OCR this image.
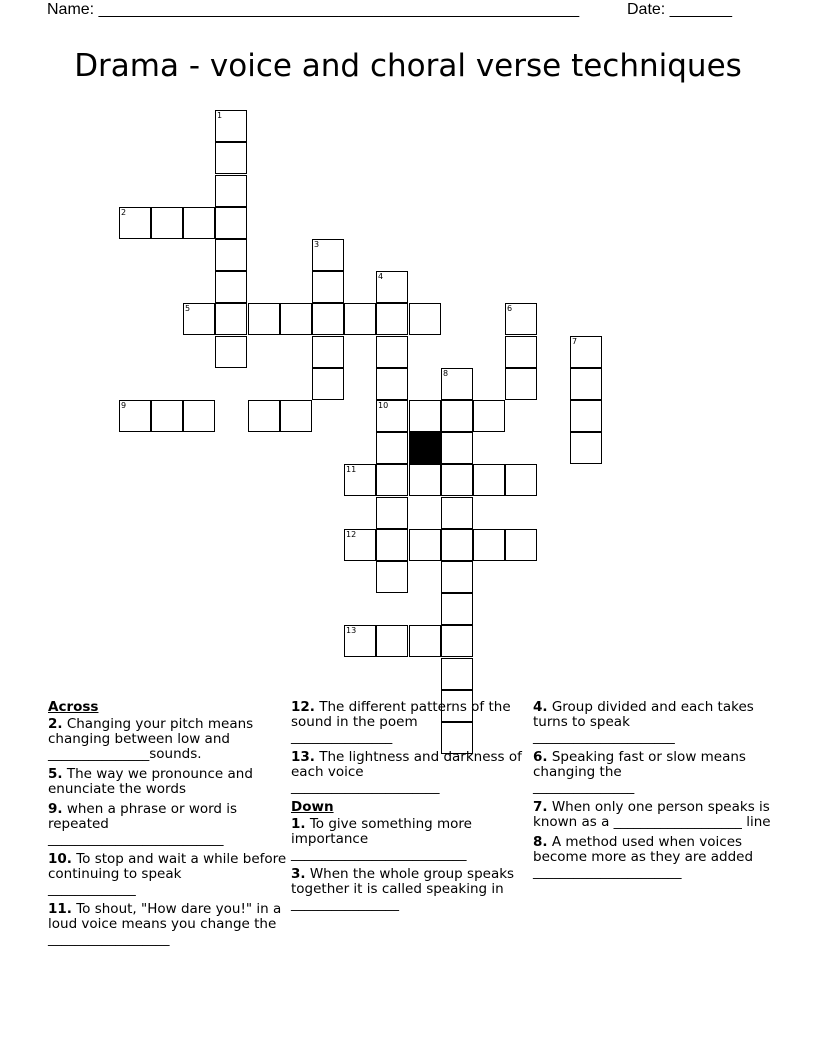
Name: ______________________________________________________	Date: _______
Drama - voice and choral verse techniques
1
2
3
4
10
5	6
7
8
9
11
12
13
Across
2. Changing your pitch means changing between low and _______________sounds.
5. The way we pronounce and enunciate the words
9. when a phrase or word is repeated
__________________________
10. To stop and wait a while before continuing to speak
_____________
11. To shout, "How dare you!" in a loud voice means you change the __________________
12. The different patterns of the sound in the poem
_______________
13. The lightness and darkness of each voice
______________________
Down
1. To give something more importance
__________________________
3. When the whole group speaks together it is called speaking in
________________
4. Group divided and each takes turns to speak
_____________________
6. Speaking fast or slow means changing the
_______________
7. When only one person speaks is known as a ___________________ line
8. A method used when voices become more as they are added
______________________
